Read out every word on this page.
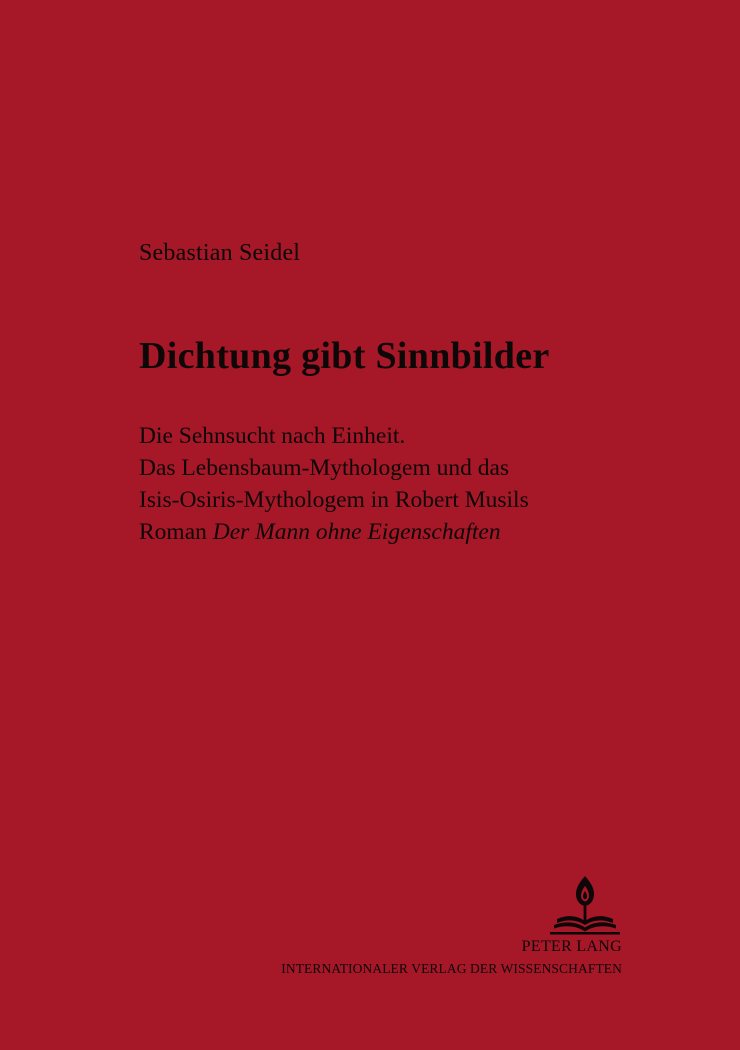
Sebastian Seidel

Dichtung gibt Sinnbilder
Die Sehnsucht nach Einheit.
Das Lebensbaum-Mythologem und das
Isis-Osiris-Mythologem in Robert Musils
Roman Der Mann ohne Eigenschaften

PETER LANG

INTERNATIONALER VERLAG DER WISSENSCHAFTEN
